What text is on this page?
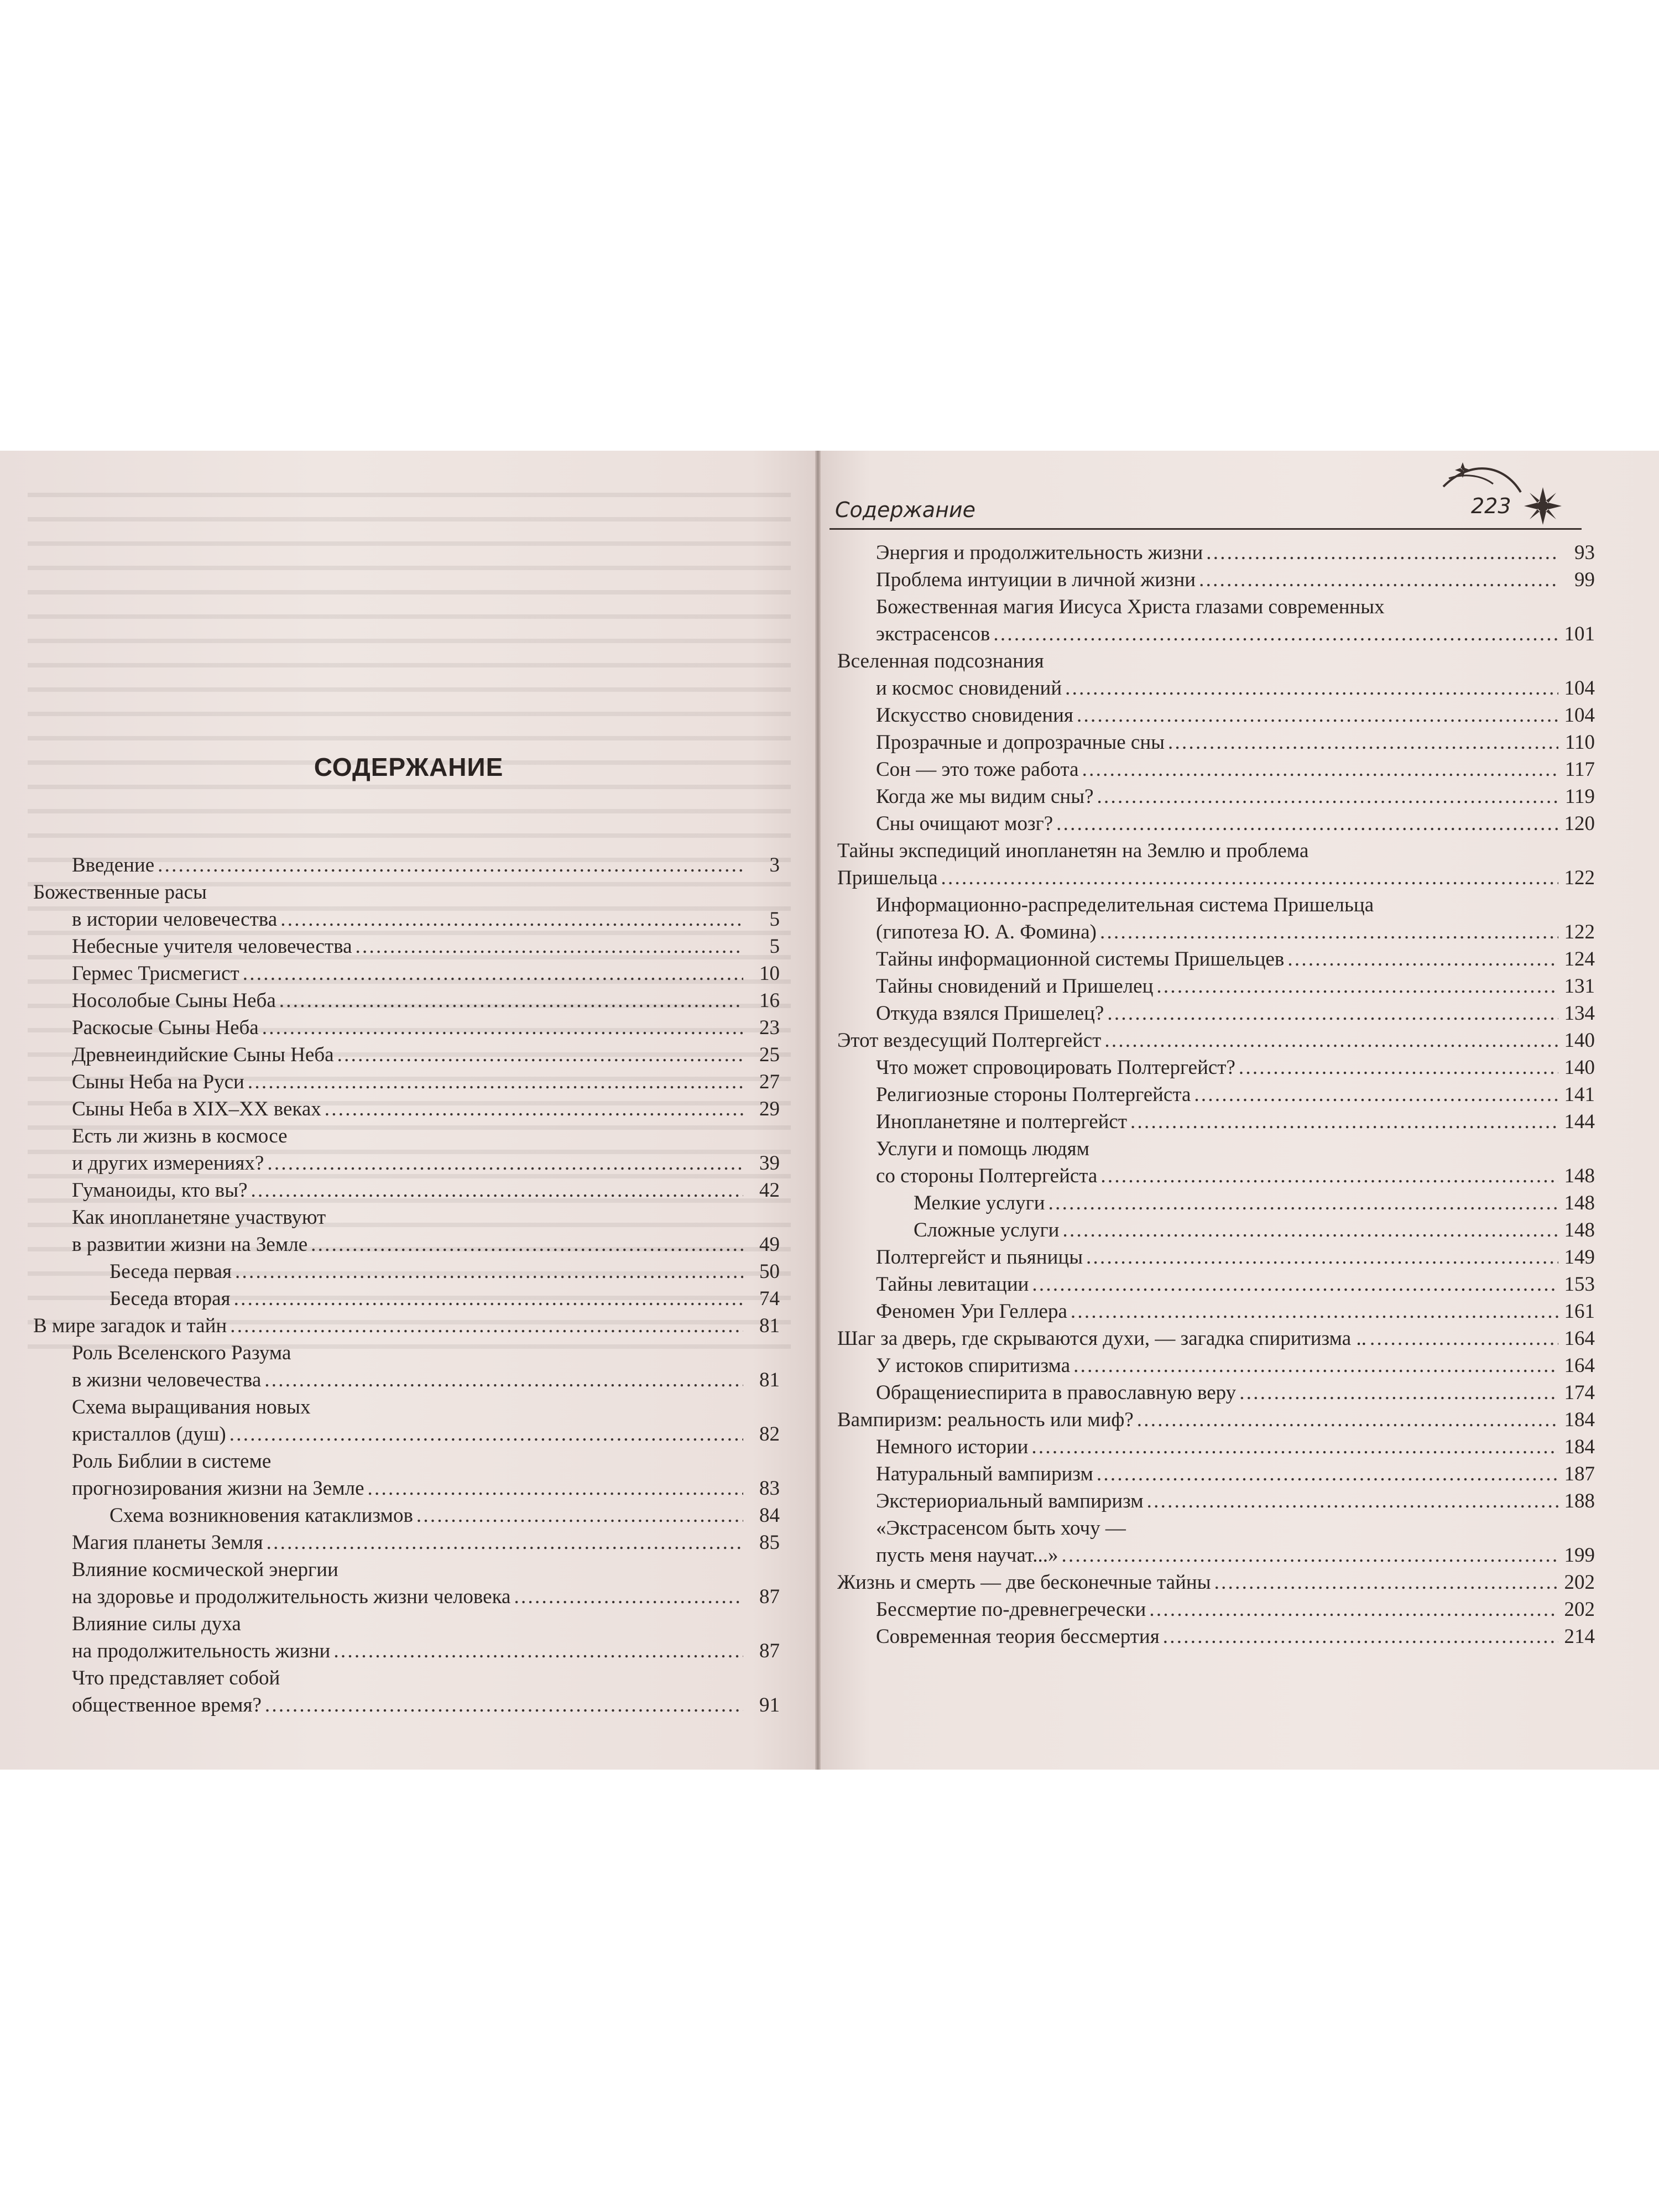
СОДЕРЖАНИЕ
Содержание	223
Введение . . .	3
Божественные расы
в истории человечества . . .	5
Небесные учителя человечества . . .	5
Гермес Трисмегист . . .	10
Носолобые Сыны Неба . . .	16
Раскосые Сыны Неба . . .	23
Древнеиндийские Сыны Неба . . .	25
Сыны Неба на Руси . . .	27
Сыны Неба в XIX–XX веках . . .	29
Есть ли жизнь в космосе
и других измерениях? . . .	39
Гуманоиды, кто вы? . . .	42
Как инопланетяне участвуют
в развитии жизни на Земле . . .	49
Беседа первая . . .	50
Беседа вторая . . .	74
В мире загадок и тайн . . .	81
Роль Вселенского Разума
в жизни человечества . . .	81
Схема выращивания новых
кристаллов (душ) . . .	82
Роль Библии в системе
прогнозирования жизни на Земле . . .	83
Схема возникновения катаклизмов . . .	84
Магия планеты Земля . . .	85
Влияние космической энергии
на здоровье и продолжительность жизни человека . . .	87
Влияние силы духа
на продолжительность жизни . . .	87
Что представляет собой
общественное время? . . .	91
Энергия и продолжительность жизни . . .	93
Проблема интуиции в личной жизни . . .	99
Божественная магия Иисуса Христа глазами современных
экстрасенсов . . .	101
Вселенная подсознания
и космос сновидений . . .	104
Искусство сновидения . . .	104
Прозрачные и допрозрачные сны . . .	110
Сон — это тоже работа . . .	117
Когда же мы видим сны? . . .	119
Сны очищают мозг? . . .	120
Тайны экспедиций инопланетян на Землю и проблема
Пришельца . . .	122
Информационно-распределительная система Пришельца
(гипотеза Ю. А. Фомина) . . .	122
Тайны информационной системы Пришельцев . . .	124
Тайны сновидений и Пришелец . . .	131
Откуда взялся Пришелец? . . .	134
Этот вездесущий Полтергейст . . .	140
Что может спровоцировать Полтергейст? . . .	140
Религиозные стороны Полтергейста . . .	141
Инопланетяне и полтергейст . . .	144
Услуги и помощь людям
со стороны Полтергейста . . .	148
Мелкие услуги . . .	148
Сложные услуги . . .	148
Полтергейст и пьяницы . . .	149
Тайны левитации . . .	153
Феномен Ури Геллера . . .	161
Шаг за дверь, где скрываются духи, — загадка спиритизма .. . . .	164
У истоков спиритизма . . .	164
Обращениеспирита в православную веру . . .	174
Вампиризм: реальность или миф? . . .	184
Немного истории . . .	184
Натуральный вампиризм . . .	187
Экстериориальный вампиризм . . .	188
«Экстрасенсом быть хочу —
пусть меня научат...» . . .	199
Жизнь и смерть — две бесконечные тайны . . .	202
Бессмертие по-древнегречески . . .	202
Современная теория бессмертия . . .	214
